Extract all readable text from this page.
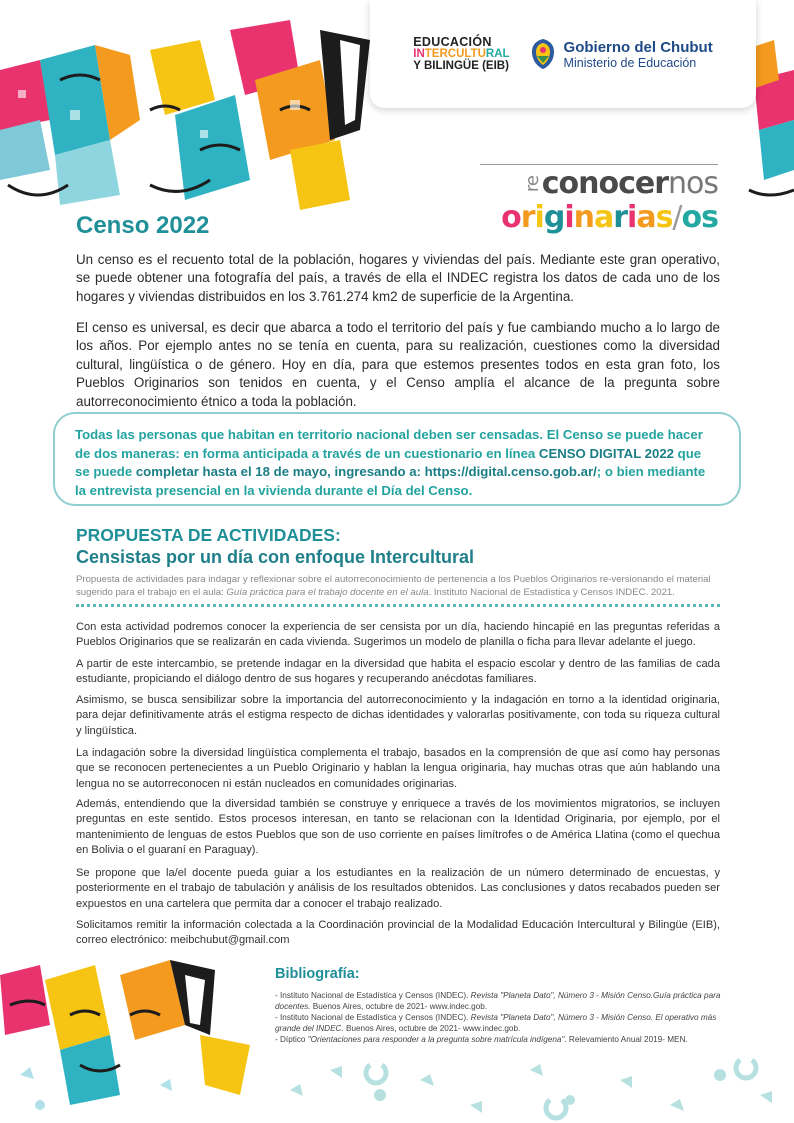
EDUCACIÓN
INTERCULTURAL
Y BILINGÜE (EIB)
Gobierno del Chubut
Ministerio de Educación
reconocernos
originarias/os
Censo 2022

Un censo es el recuento total de la población, hogares y viviendas del país. Mediante este gran operativo, se puede obtener una fotografía del país, a través de ella el INDEC registra los datos de cada uno de los hogares y viviendas distribuidos en los 3.761.274 km2 de superficie de la Argentina.

El censo es universal, es decir que abarca a todo el territorio del país y fue cambiando mucho a lo largo de los años. Por ejemplo antes no se tenía en cuenta, para su realización, cuestiones como la diversidad cultural, lingüística o de género. Hoy en día, para que estemos presentes todos en esta gran foto, los Pueblos Originarios son tenidos en cuenta, y el Censo amplía el alcance de la pregunta sobre autorreconocimiento étnico a toda la población.

Todas las personas que habitan en territorio nacional deben ser censadas. El Censo se puede hacer de dos maneras: en forma anticipada a través de un cuestionario en línea CENSO DIGITAL 2022 que se puede completar hasta el 18 de mayo, ingresando a: https://digital.censo.gob.ar/; o bien mediante la entrevista presencial en la vivienda durante el Día del Censo.
PROPUESTA DE ACTIVIDADES:
Censistas por un día con enfoque Intercultural

Propuesta de actividades para indagar y reflexionar sobre el autorreconocimiento de pertenencia a los Pueblos Originarios re-versionando el material sugerido para el trabajo en el aula: Guía práctica para el trabajo docente en el aula. Instituto Nacional de Estadística y Censos INDEC. 2021.

Con esta actividad podremos conocer la experiencia de ser censista por un día, haciendo hincapié en las preguntas referidas a Pueblos Originarios que se realizarán en cada vivienda. Sugerimos un modelo de planilla o ficha para llevar adelante el juego.

A partir de este intercambio, se pretende indagar en la diversidad que habita el espacio escolar y dentro de las familias de cada estudiante, propiciando el diálogo dentro de sus hogares y recuperando anécdotas familiares.

Asimismo, se busca sensibilizar sobre la importancia del autorreconocimiento y la indagación en torno a la identidad originaria, para dejar definitivamente atrás el estigma respecto de dichas identidades y valorarlas positivamente, con toda su riqueza cultural y lingüística.

La indagación sobre la diversidad lingüística complementa el trabajo, basados en la comprensión de que así como hay personas que se reconocen pertenecientes a un Pueblo Originario y hablan la lengua originaria, hay muchas otras que aún hablando una lengua no se autorreconocen ni están nucleados en comunidades originarias.

Además, entendiendo que la diversidad también se construye y enriquece a través de los movimientos migratorios, se incluyen preguntas en este sentido. Estos procesos interesan, en tanto se relacionan con la Identidad Originaria, por ejemplo, por el mantenimiento de lenguas de estos Pueblos que son de uso corriente en países limítrofes o de América Llatina (como el quechua en Bolivia o el guaraní en Paraguay).

Se propone que la/el docente pueda guiar a los estudiantes en la realización de un número determinado de encuestas, y posteriormente en el trabajo de tabulación y análisis de los resultados obtenidos. Las conclusiones y datos recabados pueden ser expuestos en una cartelera que permita dar a conocer el trabajo realizado.

Solicitamos remitir la información colectada a la Coordinación provincial de la Modalidad Educación Intercultural y Bilingüe (EIB), correo electrónico: meibchubut@gmail.com

Bibliografía:
- Instituto Nacional de Estadística y Censos (INDEC). Revista "Planeta Dato", Número 3 - Misión Censo.Guía práctica para docentes. Buenos Aires, octubre de 2021- www.indec.gob.
- Instituto Nacional de Estadística y Censos (INDEC). Revista "Planeta Dato", Número 3 - Misión Censo. El operativo más grande del INDEC. Buenos Aires, octubre de 2021- www.indec.gob.
- Díptico "Orientaciones para responder a la pregunta sobre matrícula indígena". Relevamiento Anual 2019- MEN.
